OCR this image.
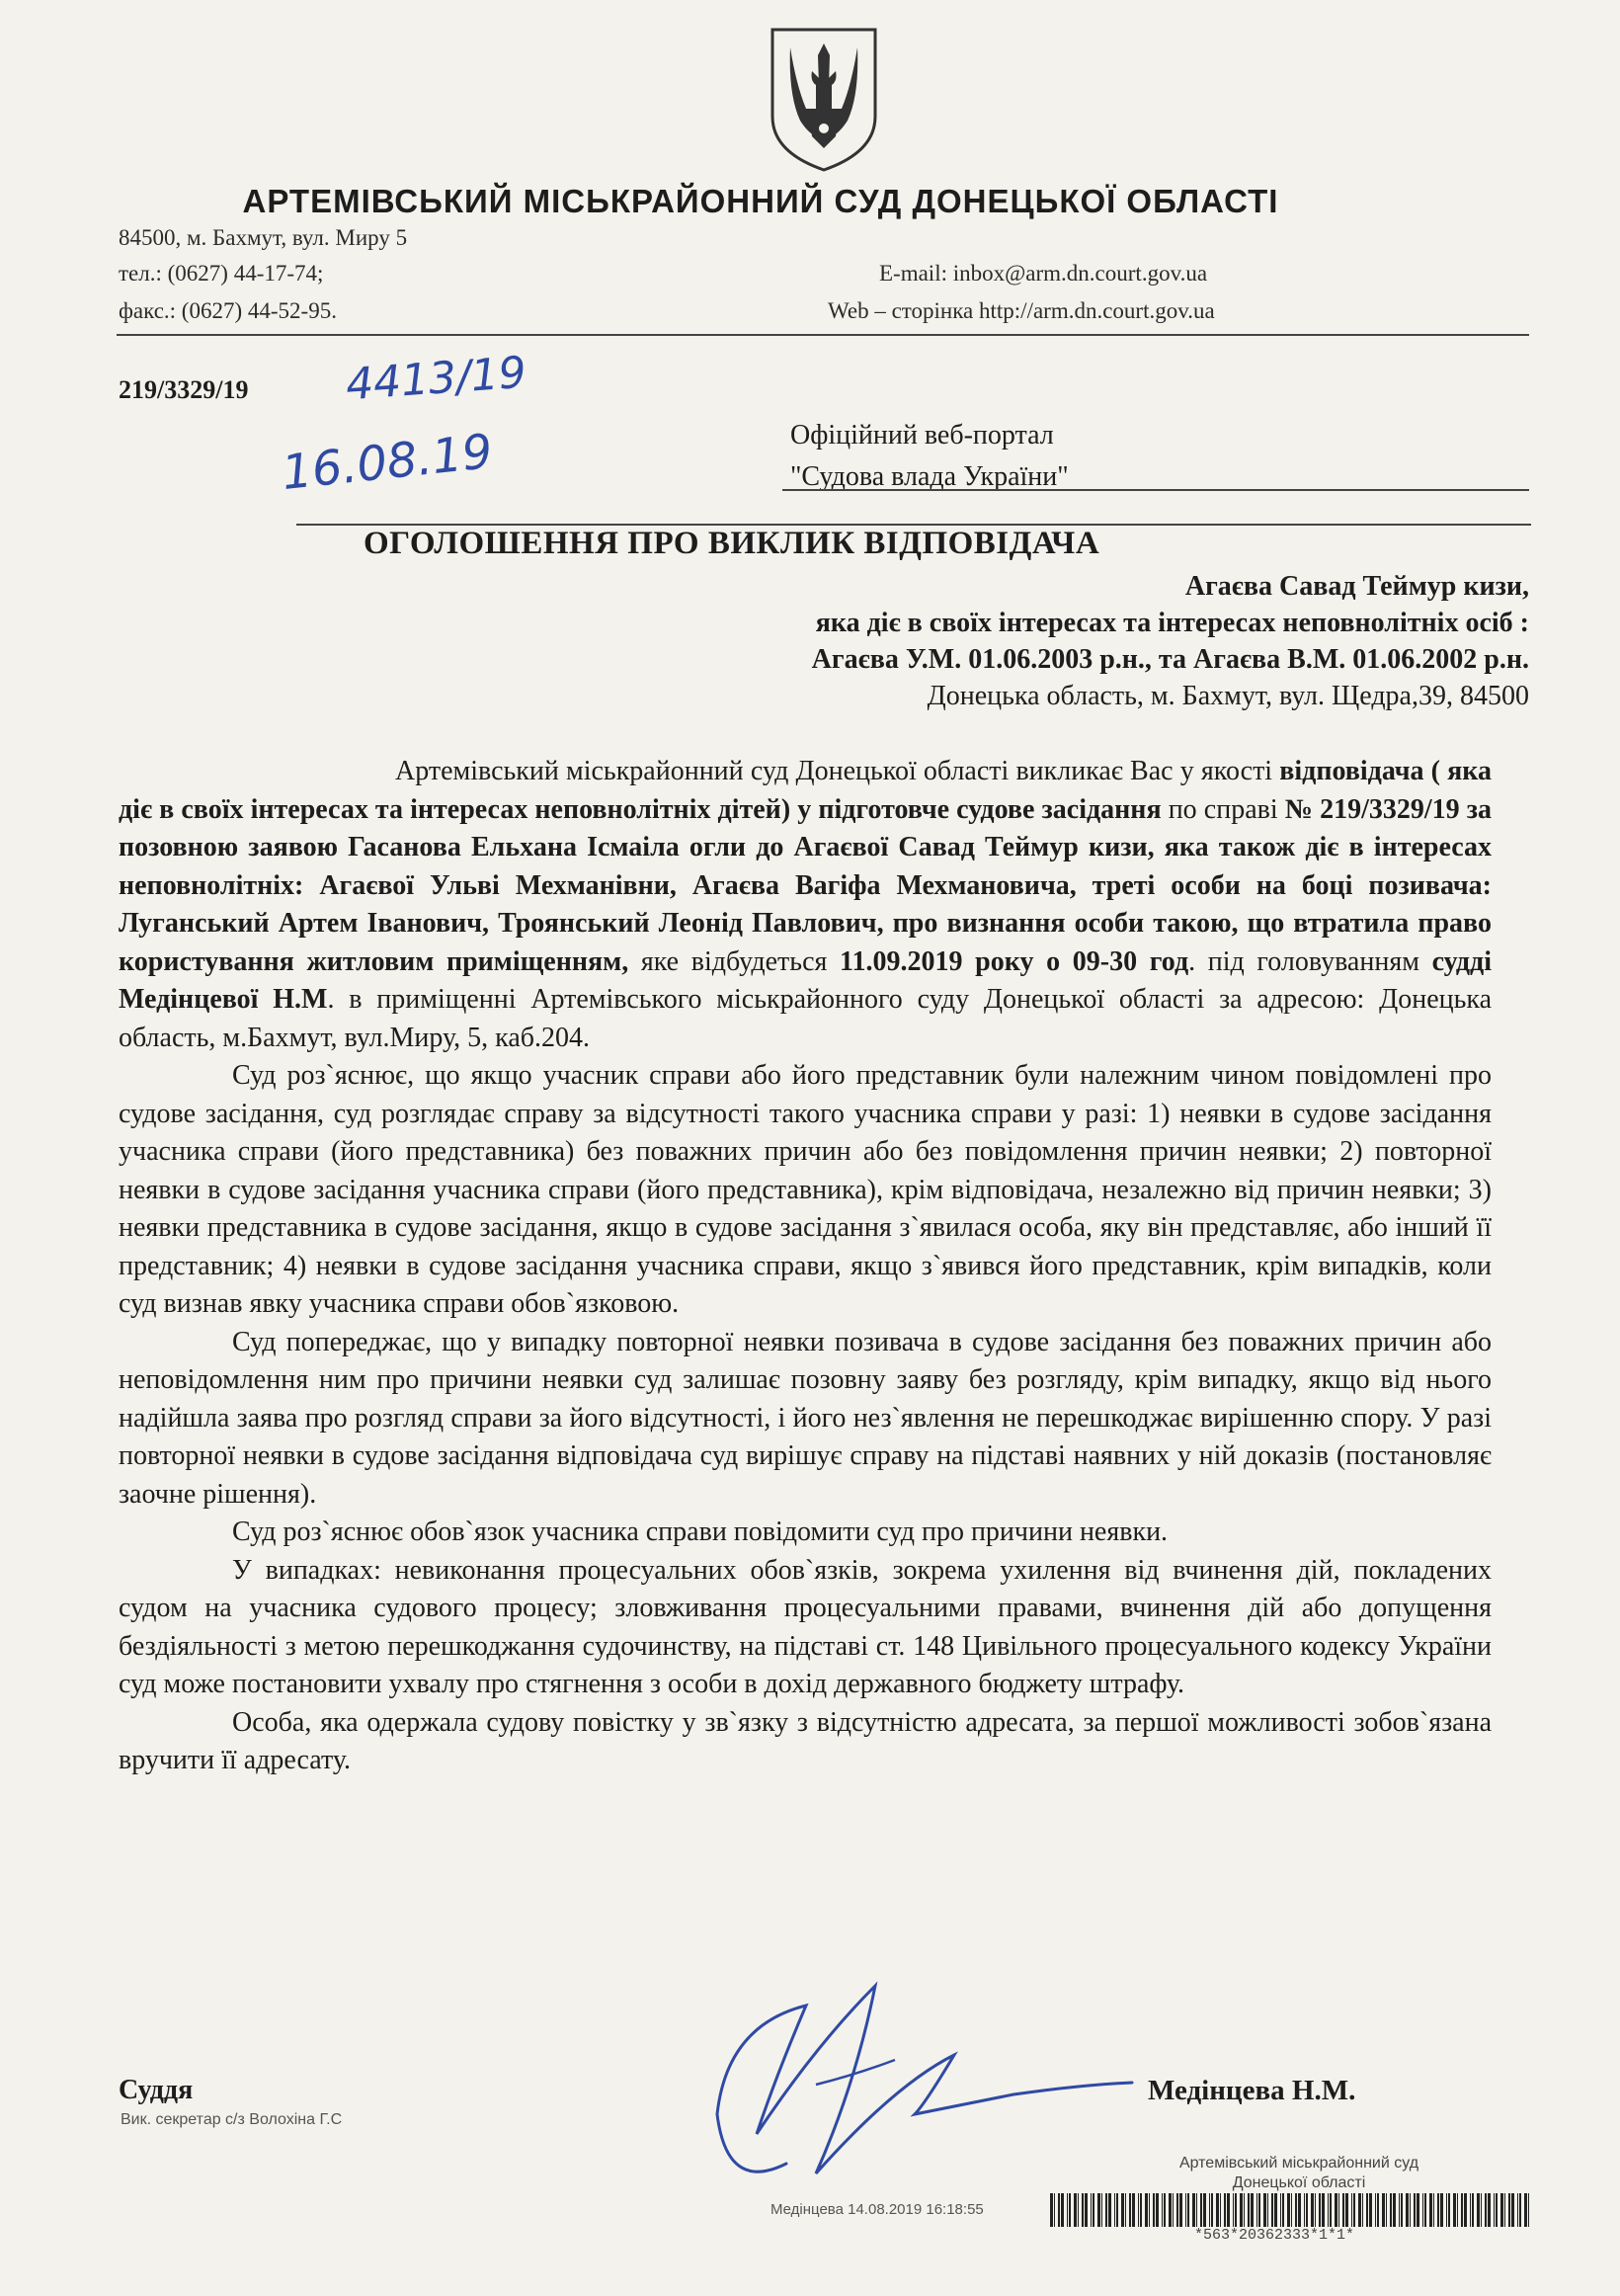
АРТЕМІВСЬКИЙ МІСЬКРАЙОННИЙ СУД ДОНЕЦЬКОЇ ОБЛАСТІ
84500, м. Бахмут, вул. Миру 5
тел.: (0627) 44-17-74;
факс.: (0627) 44-52-95.
E-mail: inbox@arm.dn.court.gov.ua
Web – сторінка http://arm.dn.court.gov.ua
219/3329/19 4413/19
16.08.19	Офіційний веб-портал
"Судова влада України"
ОГОЛОШЕННЯ ПРО ВИКЛИК ВІДПОВІДАЧА
Агаєва Савад Теймур кизи,
яка діє в своїх інтересах та інтересах неповнолітніх осіб :
Агаєва У.М. 01.06.2003 р.н., та Агаєва В.М. 01.06.2002 р.н.
Донецька область, м. Бахмут, вул. Щедра,39, 84500

Артемівський міськрайонний суд Донецької області викликає Вас у якості відповідача ( яка діє в своїх інтересах та інтересах неповнолітніх дітей) у підготовче судове засідання по справі № 219/3329/19 за позовною заявою Гасанова Ельхана Ісмаіла огли до Агаєвої Савад Теймур кизи, яка також діє в інтересах неповнолітніх: Агаєвої Ульві Мехманівни, Агаєва Вагіфа Мехмановича, треті особи на боці позивача: Луганський Артем Іванович, Троянський Леонід Павлович, про визнання особи такою, що втратила право користування житловим приміщенням, яке відбудеться 11.09.2019 року о 09-30 год. під головуванням судді Медінцевої Н.М. в приміщенні Артемівського міськрайонного суду Донецької області за адресою: Донецька область, м.Бахмут, вул.Миру, 5, каб.204.

Суд роз`яснює, що якщо учасник справи або його представник були належним чином повідомлені про судове засідання, суд розглядає справу за відсутності такого учасника справи у разі: 1) неявки в судове засідання учасника справи (його представника) без поважних причин або без повідомлення причин неявки; 2) повторної неявки в судове засідання учасника справи (його представника), крім відповідача, незалежно від причин неявки; 3) неявки представника в судове засідання, якщо в судове засідання з`явилася особа, яку він представляє, або інший її представник; 4) неявки в судове засідання учасника справи, якщо з`явився його представник, крім випадків, коли суд визнав явку учасника справи обов`язковою.

Суд попереджає, що у випадку повторної неявки позивача в судове засідання без поважних причин або неповідомлення ним про причини неявки суд залишає позовну заяву без розгляду, крім випадку, якщо від нього надійшла заява про розгляд справи за його відсутності, і його нез`явлення не перешкоджає вирішенню спору. У разі повторної неявки в судове засідання відповідача суд вирішує справу на підставі наявних у ній доказів (постановляє заочне рішення).

Суд роз`яснює обов`язок учасника справи повідомити суд про причини неявки.

У випадках: невиконання процесуальних обов`язків, зокрема ухилення від вчинення дій, покладених судом на учасника судового процесу; зловживання процесуальними правами, вчинення дій або допущення бездіяльності з метою перешкоджання судочинству, на підставі ст. 148 Цивільного процесуального кодексу України суд може постановити ухвалу про стягнення з особи в дохід державного бюджету штрафу.

Особа, яка одержала судову повістку у зв`язку з відсутністю адресата, за першої можливості зобов`язана вручити її адресату.

Суддя
Вик. секретар с/з Волохіна Г.С
Медінцева Н.М.
Артемівський міськрайонний суд
Донецької області
Медінцева 14.08.2019 16:18:55
*563*20362333*1*1*
